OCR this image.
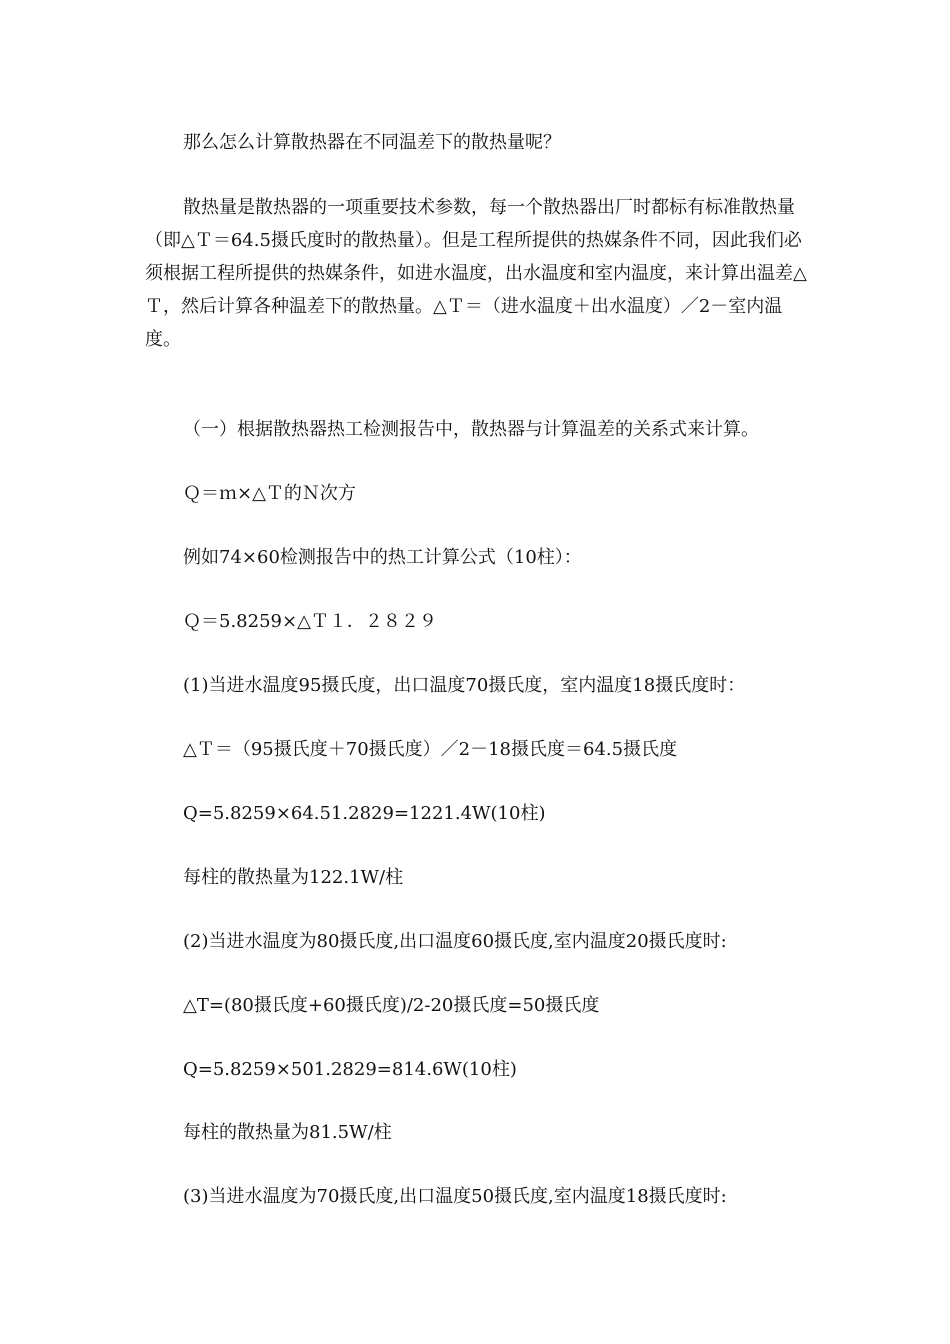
那么怎么计算散热器在不同温差下的散热量呢？

散热量是散热器的一项重要技术参数，每一个散热器出厂时都标有标准散热量（即△Ｔ＝64.5摄氏度时的散热量）。但是工程所提供的热媒条件不同，因此我们必须根据工程所提供的热媒条件，如进水温度，出水温度和室内温度，来计算出温差△Ｔ，然后计算各种温差下的散热量。△Ｔ＝（进水温度＋出水温度）／2－室内温度。

（一）根据散热器热工检测报告中，散热器与计算温差的关系式来计算。
Ｑ＝ｍ×△Ｔ的Ｎ次方
例如74×60检测报告中的热工计算公式（10柱）：
Ｑ＝5.8259×△Ｔ１．２８２９
(1)当进水温度95摄氏度，出口温度70摄氏度，室内温度18摄氏度时：
△Ｔ＝（95摄氏度＋70摄氏度）／2－18摄氏度＝64.5摄氏度
Q=5.8259×64.51.2829=1221.4W(10柱)
每柱的散热量为122.1W/柱
(2)当进水温度为80摄氏度,出口温度60摄氏度,室内温度20摄氏度时:
△T=(80摄氏度+60摄氏度)/2-20摄氏度=50摄氏度
Q=5.8259×501.2829=814.6W(10柱)
每柱的散热量为81.5W/柱
(3)当进水温度为70摄氏度,出口温度50摄氏度,室内温度18摄氏度时:
